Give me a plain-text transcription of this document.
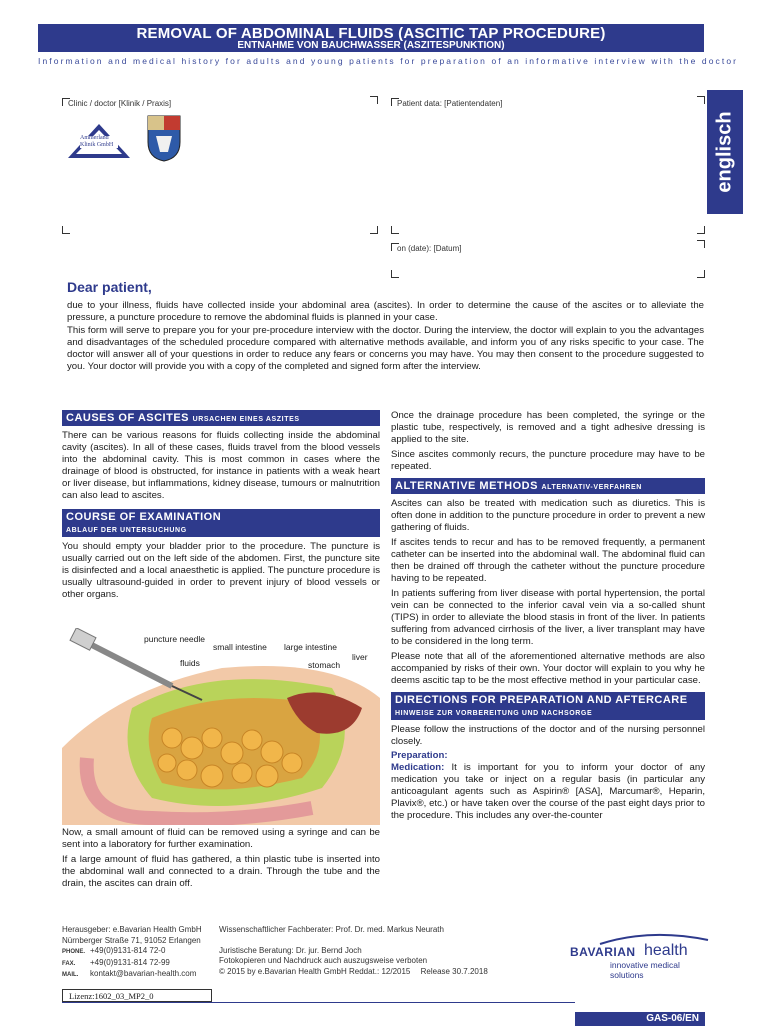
REMOVAL OF ABDOMINAL FLUIDS (ASCITIC TAP PROCEDURE)
ENTNAHME VON BAUCHWASSER (ASZITESPUNKTION)
Information and medical history for adults and young patients for preparation of an informative interview with the doctor
englisch
Clinic / doctor [Klinik / Praxis]
Ammerland
Klinik GmbH
Patient data: [Patientendaten]
on (date): [Datum]
Dear patient,

due to your illness, fluids have collected inside your abdominal area (ascites). In order to determine the cause of the ascites or to alleviate the pressure, a puncture procedure to remove the abdominal fluids is planned in your case.

This form will serve to prepare you for your pre-procedure interview with the doctor. During the interview, the doctor will explain to you the advantages and disadvantages of the scheduled procedure compared with alternative methods available, and inform you of any risks specific to your case. The doctor will answer all of your questions in order to reduce any fears or concerns you may have. You may then consent to the procedure suggested to you. Your doctor will provide you with a copy of the completed and signed form after the interview.

CAUSES OF ASCITES URSACHEN EINES ASZITES

There can be various reasons for fluids collecting inside the abdominal cavity (ascites). In all of these cases, fluids travel from the blood vessels into the abdominal cavity. This is most common in cases where the drainage of blood is obstructed, for instance in patients with a weak heart or liver disease, but inflammations, kidney disease, tumours or malnutrition can also lead to ascites.

COURSE OF EXAMINATION
ABLAUF DER UNTERSUCHUNG

You should empty your bladder prior to the procedure. The puncture is usually carried out on the left side of the abdomen. First, the puncture site is disinfected and a local anaesthetic is applied. The puncture procedure is usually ultrasound-guided in order to prevent injury of blood vessels or other organs.

puncture needle
small intestine large intestine
fluids	stomach
liver

Now, a small amount of fluid can be removed using a syringe and can be sent into a laboratory for further examination.

If a large amount of fluid has gathered, a thin plastic tube is inserted into the abdominal wall and connected to a drain. Through the tube and the drain, the ascites can drain off.

Once the drainage procedure has been completed, the syringe or the plastic tube, respectively, is removed and a tight adhesive dressing is applied to the site.

Since ascites commonly recurs, the puncture procedure may have to be repeated.

ALTERNATIVE METHODS ALTERNATIV-VERFAHREN

Ascites can also be treated with medication such as diuretics. This is often done in addition to the puncture procedure in order to prevent a new gathering of fluids.

If ascites tends to recur and has to be removed frequently, a permanent catheter can be inserted into the abdominal wall. The abdominal fluid can then be drained off through the catheter without the puncture procedure having to be repeated.

In patients suffering from liver disease with portal hypertension, the portal vein can be connected to the inferior caval vein via a so-called shunt (TIPS) in order to alleviate the blood stasis in front of the liver. In patients suffering from advanced cirrhosis of the liver, a liver transplant may have to be considered in the long term.

Please note that all of the aforementioned alternative methods are also accompanied by risks of their own. Your doctor will explain to you why he deems ascitic tap to be the most effective method in your particular case.

DIRECTIONS FOR PREPARATION AND AFTERCARE
HINWEISE ZUR VORBEREITUNG UND NACHSORGE

Please follow the instructions of the doctor and of the nursing personnel closely.

Preparation:

Medication: It is important for you to inform your doctor of any medication you take or inject on a regular basis (in particular any anticoagulant agents such as Aspirin® [ASA], Marcumar®, Heparin, Plavix®, etc.) or have taken over the course of the past eight days prior to the procedure. This includes any over-the-counter

Herausgeber: e.Bavarian Health GmbH
Nürnberger Straße 71, 91052 Erlangen
PHONE. +49(0)9131-814 72-0
FAX. +49(0)9131-814 72-99
MAIL. kontakt@bavarian-health.com
Wissenschaftlicher Fachberater: Prof. Dr. med. Markus Neurath
Juristische Beratung: Dr. jur. Bernd Joch
Fotokopieren und Nachdruck auch auszugsweise verboten
© 2015 by e.Bavarian Health GmbH Reddat.: 12/2015 Release 30.7.2018
BAVARIAN health
innovative medical solutions
Lizenz:1602_03_MP2_0
GAS-06/EN
